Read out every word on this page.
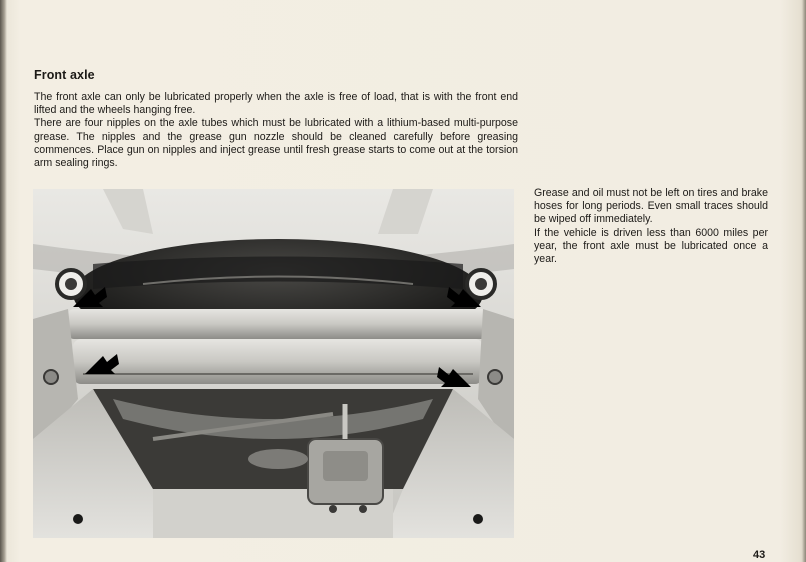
Front axle

The front axle can only be lubricated properly when the axle is free of load, that is with the front end lifted and the wheels hanging free.

There are four nipples on the axle tubes which must be lubricated with a lithium-based multi-purpose grease. The nipples and the grease gun nozzle should be cleaned carefully before greasing commences. Place gun on nipples and inject grease until fresh grease starts to come out at the torsion arm sealing rings.

Grease and oil must not be left on tires and brake hoses for long periods. Even small traces should be wiped off immediately.

If the vehicle is driven less than 6000 miles per year, the front axle must be lubricated once a year.

43
